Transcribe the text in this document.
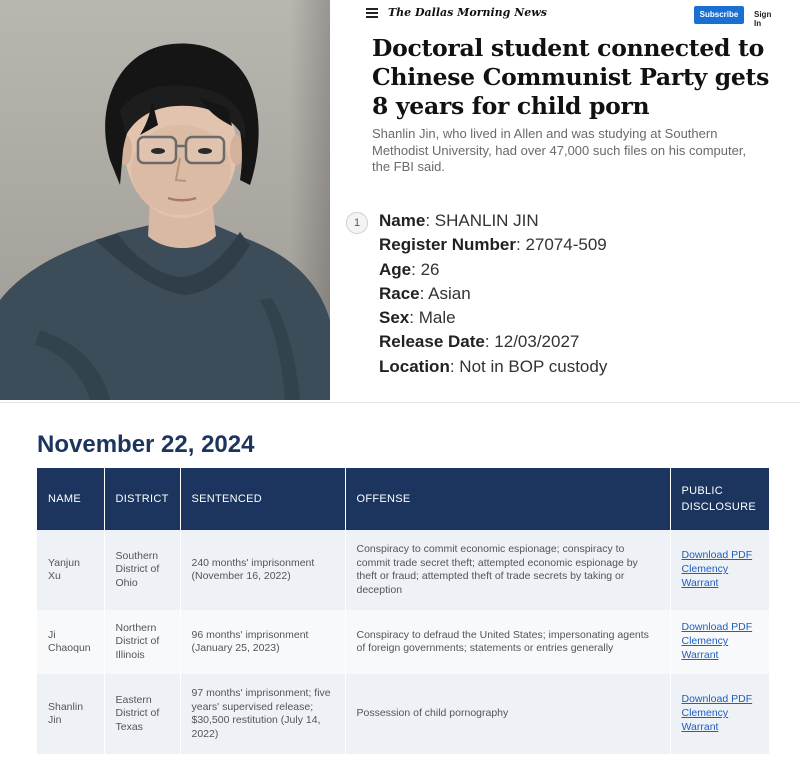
The Dallas Morning News	Subscribe	Sign In
Doctoral student connected to Chinese Communist Party gets 8 years for child porn

Shanlin Jin, who lived in Allen and was studying at Southern Methodist University, had over 47,000 such files on his computer, the FBI said.

1	Name: SHANLIN JIN
Register Number: 27074-509
Age: 26
Race: Asian
Sex: Male
Release Date: 12/03/2027
Location: Not in BOP custody
November 22, 2024
NAME	DISTRICT	SENTENCED	OFFENSE	PUBLIC DISCLOSURE
Yanjun Xu	Southern District of Ohio	240 months' imprisonment (November 16, 2022)	Conspiracy to commit economic espionage; conspiracy to commit trade secret theft; attempted economic espionage by theft or fraud; attempted theft of trade secrets by taking or deception	Download PDF
Clemency
Warrant

Ji Chaoqun	Northern District of Illinois	96 months' imprisonment (January 25, 2023)	Conspiracy to defraud the United States; impersonating agents of foreign governments; statements or entries generally	Download PDF
Clemency
Warrant

Shanlin Jin	Eastern District of Texas	97 months' imprisonment; five years' supervised release; $30,500 restitution (July 14, 2022)	Possession of child pornography	Download PDF
Clemency
Warrant
